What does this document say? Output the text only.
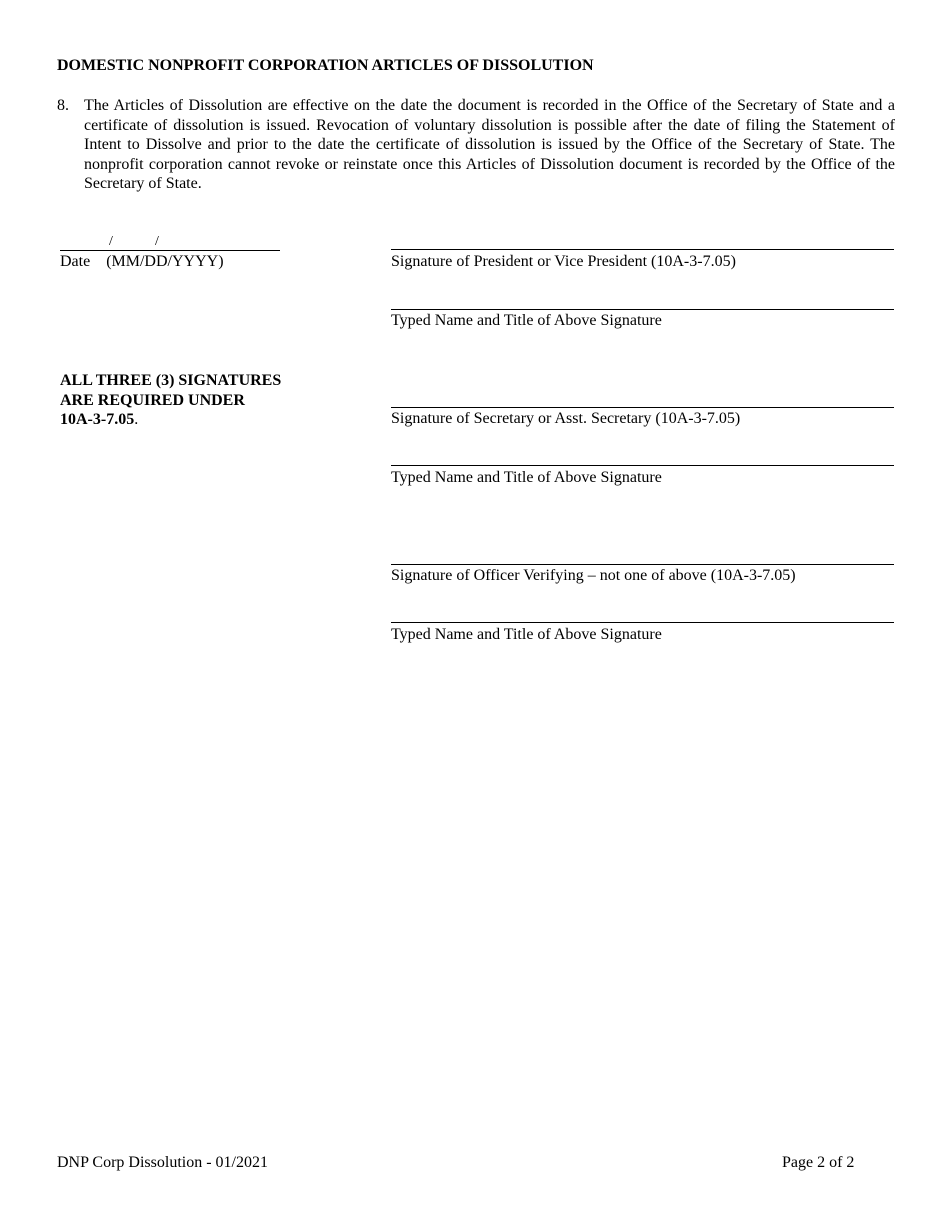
DOMESTIC NONPROFIT CORPORATION ARTICLES OF DISSOLUTION
8. The Articles of Dissolution are effective on the date the document is recorded in the Office of the Secretary of State and a certificate of dissolution is issued. Revocation of voluntary dissolution is possible after the date of filing the Statement of Intent to Dissolve and prior to the date the certificate of dissolution is issued by the Office of the Secretary of State. The nonprofit corporation cannot revoke or reinstate once this Articles of Dissolution document is recorded by the Office of the Secretary of State.
/	/
Date (MM/DD/YYYY)	Signature of President or Vice President (10A-3-7.05)
Typed Name and Title of Above Signature
ALL THREE (3) SIGNATURES
ARE REQUIRED UNDER
10A-3-7.05.	Signature of Secretary or Asst. Secretary (10A-3-7.05)
Typed Name and Title of Above Signature
Signature of Officer Verifying – not one of above (10A-3-7.05)
Typed Name and Title of Above Signature
DNP Corp Dissolution - 01/2021	Page 2 of 2
